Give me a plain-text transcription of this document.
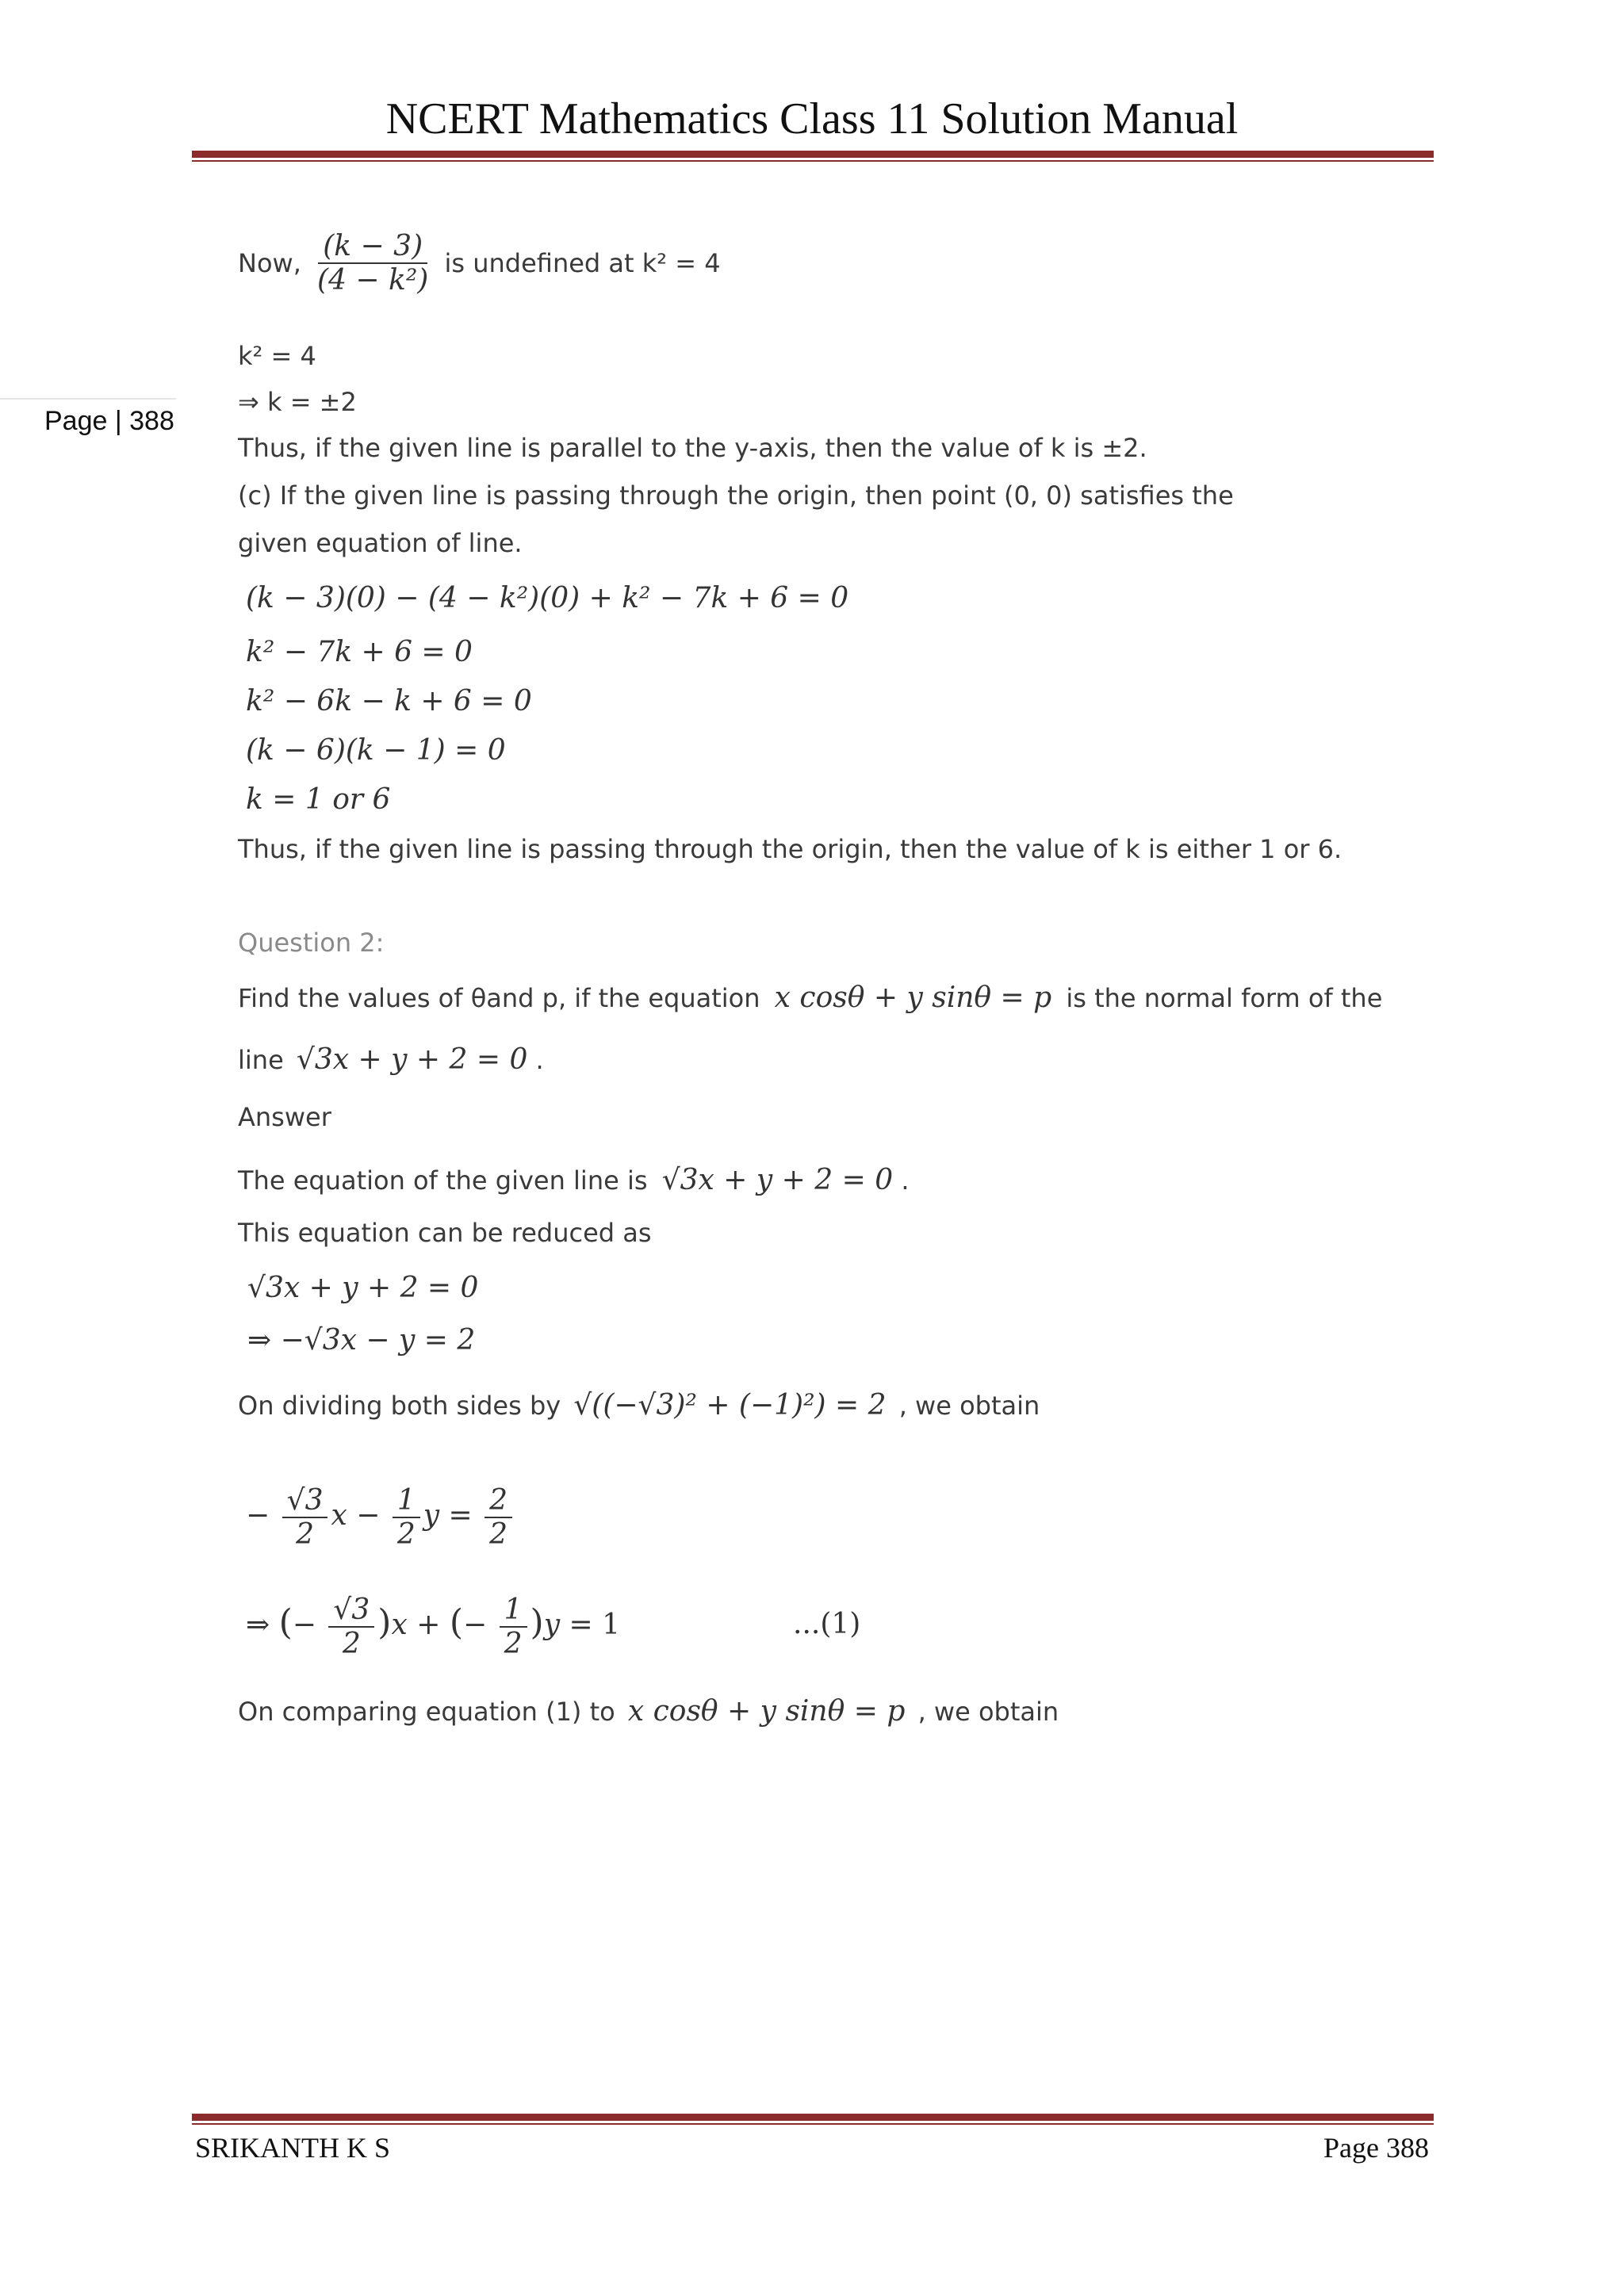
NCERT Mathematics Class 11 Solution Manual
Page | 388
Now, $\frac{(k - 3)}{\text{(4 − k²)}}$ is undefined at k² = 4
k² = 4
⇒ k = ±2
Thus, if the given line is parallel to the y-axis, then the value of k is ±2.
(c) If the given line is passing through the origin, then point (0, 0) satisfies the
given equation of line.
(k − 3)(0) − (4 − k²)(0) + k² − 7k + 6 = 0
k² − 7k + 6 = 0
k² − 6k − k + 6 = 0
(k − 6)(k − 1) = 0
k = 1 or 6
Thus, if the given line is passing through the origin, then the value of k is either 1 or 6.
Question 2:
Find the values of θand p, if the equation x cosθ + y sinθ = p is the normal form of the
line √3x + y + 2 = 0 .
Answer
The equation of the given line is √3x + y + 2 = 0 .
This equation can be reduced as
√3x + y + 2 = 0
⇒ −√3x − y = 2
On dividing both sides by √((−√3)² + (−1)²) = 2 , we obtain
− $\frac{√3}{2}$ $x - \frac{1}{2}$ $y = \frac{2}{2}$
⇒ (− $\frac{√3}{2} )x$ + (− $\frac{1}{2} )y = 1$	...(1)
On comparing equation (1) to x cosθ + y sinθ = p , we obtain
SRIKANTH K S	Page 388
